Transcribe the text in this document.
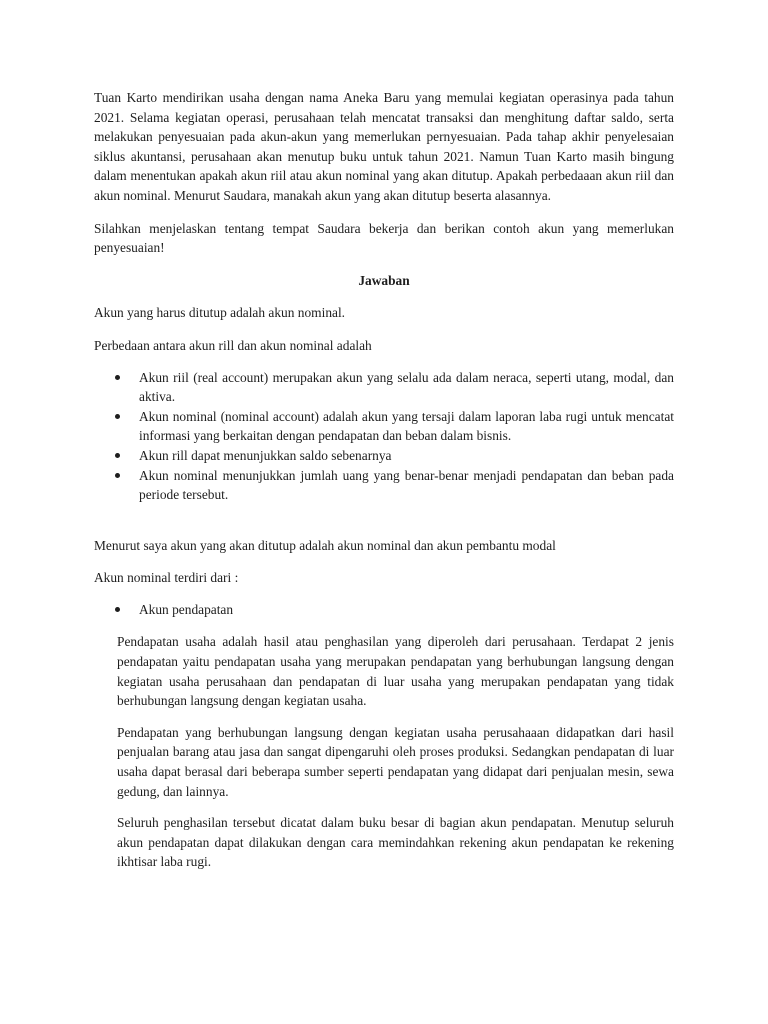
Tuan Karto mendirikan usaha dengan nama Aneka Baru yang memulai kegiatan operasinya pada tahun 2021. Selama kegiatan operasi, perusahaan telah mencatat transaksi dan menghitung daftar saldo, serta melakukan penyesuaian pada akun-akun yang memerlukan pernyesuaian. Pada tahap akhir penyelesaian siklus akuntansi, perusahaan akan menutup buku untuk tahun 2021. Namun Tuan Karto masih bingung dalam menentukan apakah akun riil atau akun nominal yang akan ditutup. Apakah perbedaaan akun riil dan akun nominal. Menurut Saudara, manakah akun yang akan ditutup beserta alasannya.

Silahkan menjelaskan tentang tempat Saudara bekerja dan berikan contoh akun yang memerlukan penyesuaian!

Jawaban

Akun yang harus ditutup adalah akun nominal.

Perbedaan antara akun rill dan akun nominal adalah

Akun riil (real account) merupakan akun yang selalu ada dalam neraca, seperti utang, modal, dan aktiva.
Akun nominal (nominal account) adalah akun yang tersaji dalam laporan laba rugi untuk mencatat informasi yang berkaitan dengan pendapatan dan beban dalam bisnis.
Akun rill dapat menunjukkan saldo sebenarnya
Akun nominal menunjukkan jumlah uang yang benar-benar menjadi pendapatan dan beban pada periode tersebut.

Menurut saya akun yang akan ditutup adalah akun nominal dan akun pembantu modal

Akun nominal terdiri dari :

Akun pendapatan

Pendapatan usaha adalah hasil atau penghasilan yang diperoleh dari perusahaan. Terdapat 2 jenis pendapatan yaitu pendapatan usaha yang merupakan pendapatan yang berhubungan langsung dengan kegiatan usaha perusahaan dan pendapatan di luar usaha yang merupakan pendapatan yang tidak berhubungan langsung dengan kegiatan usaha.

Pendapatan yang berhubungan langsung dengan kegiatan usaha perusahaaan didapatkan dari hasil penjualan barang atau jasa dan sangat dipengaruhi oleh proses produksi. Sedangkan pendapatan di luar usaha dapat berasal dari beberapa sumber seperti pendapatan yang didapat dari penjualan mesin, sewa gedung, dan lainnya.

Seluruh penghasilan tersebut dicatat dalam buku besar di bagian akun pendapatan. Menutup seluruh akun pendapatan dapat dilakukan dengan cara memindahkan rekening akun pendapatan ke rekening ikhtisar laba rugi.
